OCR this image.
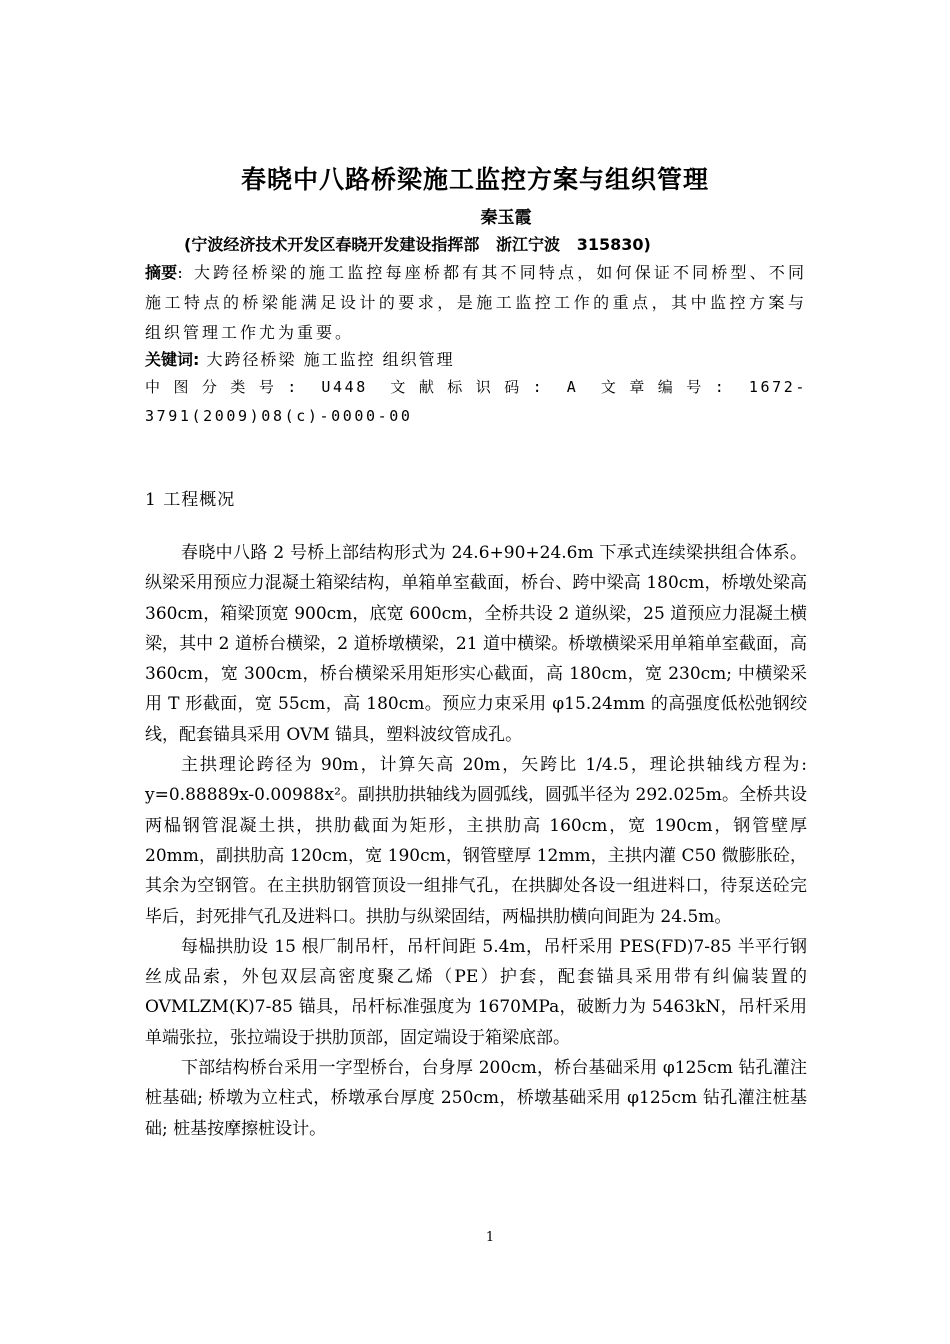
春晓中八路桥梁施工监控方案与组织管理
秦玉霞
(宁波经济技术开发区春晓开发建设指挥部   浙江宁波   315830)
摘要: 大跨径桥梁的施工监控每座桥都有其不同特点，如何保证不同桥型、不同施工特点的桥梁能满足设计的要求，是施工监控工作的重点，其中监控方案与组织管理工作尤为重要。
关键词: 大跨径桥梁 施工监控 组织管理
中图分类号: U448 文献标识码: A 文章编号: 1672-3791(2009)08(c)-0000-00
1 工程概况

春晓中八路 2 号桥上部结构形式为 24.6+90+24.6m 下承式连续梁拱组合体系。纵梁采用预应力混凝土箱梁结构，单箱单室截面，桥台、跨中梁高 180cm，桥墩处梁高 360cm，箱梁顶宽 900cm，底宽 600cm，全桥共设 2 道纵梁，25 道预应力混凝土横梁，其中 2 道桥台横梁，2 道桥墩横梁，21 道中横梁。桥墩横梁采用单箱单室截面，高 360cm，宽 300cm，桥台横梁采用矩形实心截面，高 180cm，宽 230cm; 中横梁采用 T 形截面，宽 55cm，高 180cm。预应力束采用 φ15.24mm 的高强度低松弛钢绞线，配套锚具采用 OVM 锚具，塑料波纹管成孔。

主拱理论跨径为 90m，计算矢高 20m，矢跨比 1/4.5，理论拱轴线方程为: y=0.88889x-0.00988x²。副拱肋拱轴线为圆弧线，圆弧半径为 292.025m。全桥共设两榀钢管混凝土拱，拱肋截面为矩形，主拱肋高 160cm，宽 190cm，钢管壁厚 20mm，副拱肋高 120cm，宽 190cm，钢管壁厚 12mm，主拱内灌 C50 微膨胀砼，其余为空钢管。在主拱肋钢管顶设一组排气孔，在拱脚处各设一组进料口，待泵送砼完毕后，封死排气孔及进料口。拱肋与纵梁固结，两榀拱肋横向间距为 24.5m。

每榀拱肋设 15 根厂制吊杆，吊杆间距 5.4m，吊杆采用 PES(FD)7-85 半平行钢丝成品索，外包双层高密度聚乙烯（PE）护套，配套锚具采用带有纠偏装置的 OVMLZM(K)7-85 锚具，吊杆标准强度为 1670MPa，破断力为 5463kN，吊杆采用单端张拉，张拉端设于拱肋顶部，固定端设于箱梁底部。

下部结构桥台采用一字型桥台，台身厚 200cm，桥台基础采用 φ125cm 钻孔灌注桩基础; 桥墩为立柱式，桥墩承台厚度 250cm，桥墩基础采用 φ125cm 钻孔灌注桩基础; 桩基按摩擦桩设计。

1
